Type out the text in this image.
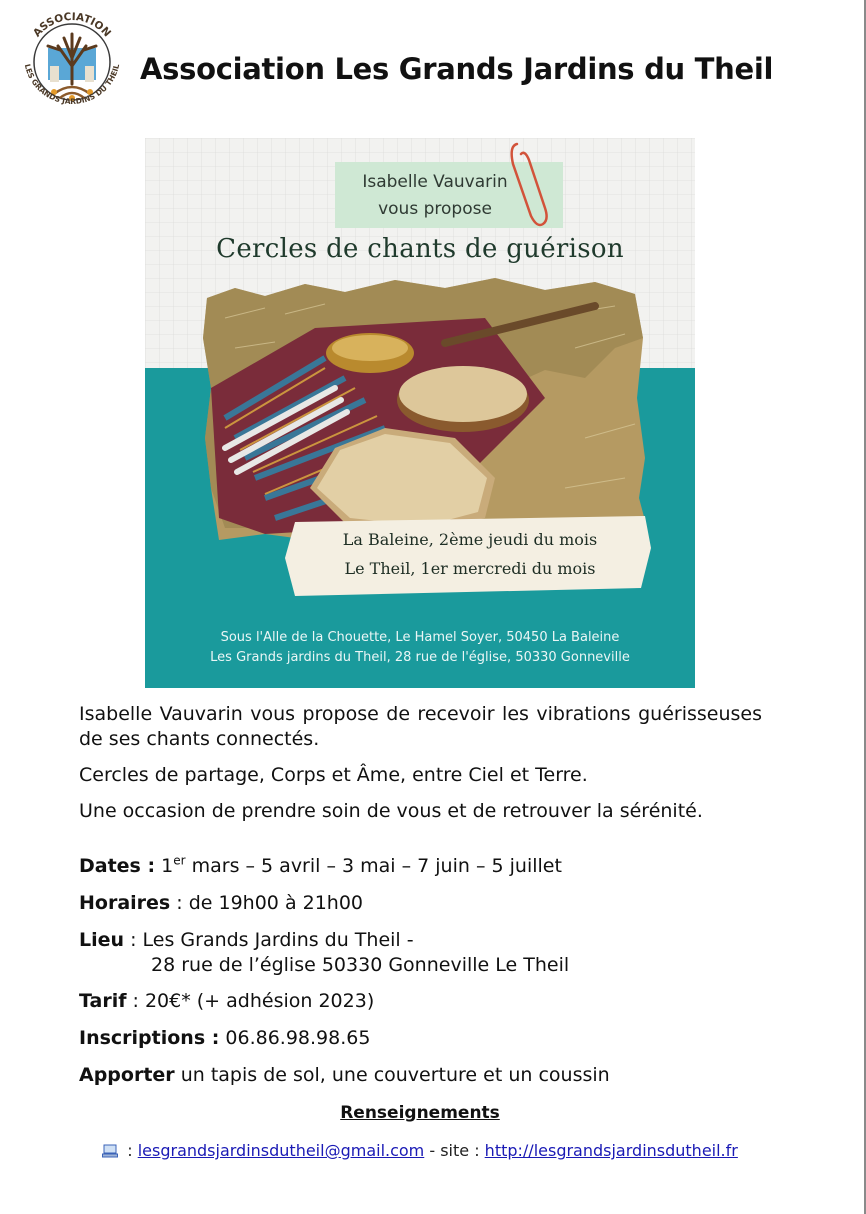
ASSOCIATION
LES GRANDS JARDINS DU THEIL Association Les Grands Jardins du Theil
Isabelle Vauvarin
vous propose
Cercles de chants de guérison
La Baleine, 2ème jeudi du mois
Le Theil, 1er mercredi du mois
Sous l'Alle de la Chouette, Le Hamel Soyer, 50450 La Baleine
Les Grands jardins du Theil, 28 rue de l'église, 50330 Gonneville
Isabelle Vauvarin vous propose de recevoir les vibrations guérisseuses de ses chants connectés.
Cercles de partage, Corps et Âme, entre Ciel et Terre.
Une occasion de prendre soin de vous et de retrouver la sérénité.
Dates : 1er mars – 5 avril – 3 mai – 7 juin – 5 juillet
Horaires : de 19h00 à 21h00
Lieu : Les Grands Jardins du Theil -
28 rue de l’église 50330 Gonneville Le Theil
Tarif : 20€* (+ adhésion 2023)
Inscriptions : 06.86.98.98.65
Apporter un tapis de sol, une couverture et un coussin
Renseignements
: lesgrandsjardinsdutheil@gmail.com - site : http://lesgrandsjardinsdutheil.fr
